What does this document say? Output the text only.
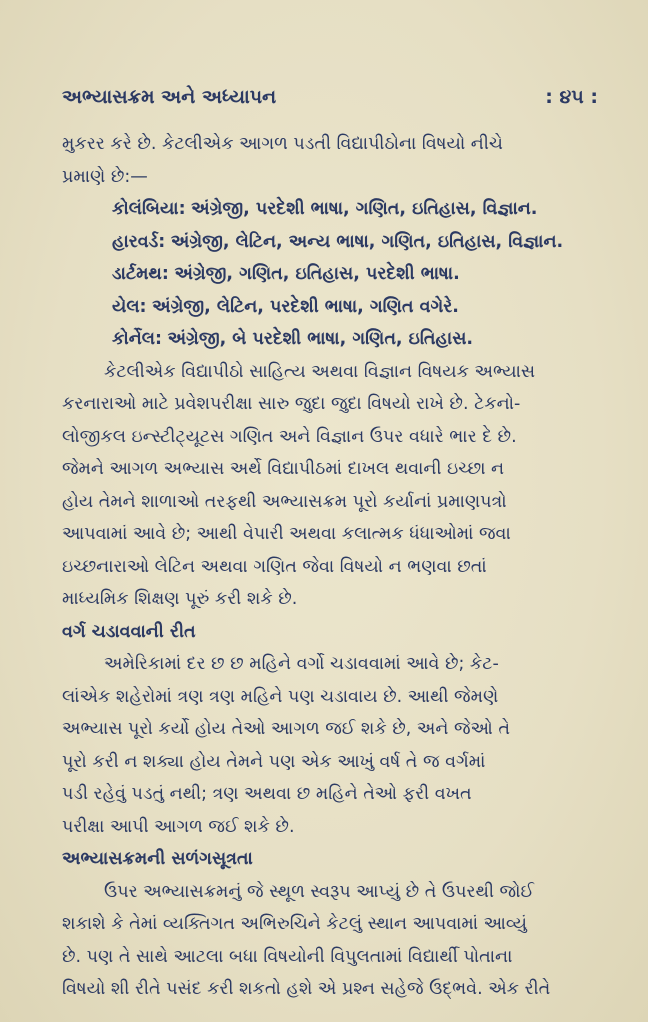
અભ્યાસક્રમ અને અધ્યાપન	: ૪૫ :
મુકરર કરે છે. કેટલીએક આગળ પડતી વિદ્યાપીઠોના વિષયો નીચે
પ્રમાણે છે:—
કોલંબિયા: અંગ્રેજી, પરદેશી ભાષા, ગણિત, ઇતિહાસ, વિજ્ઞાન.
હારવર્ડ: અંગ્રેજી, લેટિન, અન્ય ભાષા, ગણિત, ઇતિહાસ, વિજ્ઞાન.
ડાર્ટમથ: અંગ્રેજી, ગણિત, ઇતિહાસ, પરદેશી ભાષા.
યેલ: અંગ્રેજી, લેટિન, પરદેશી ભાષા, ગણિત વગેરે.
કોર્નેલ: અંગ્રેજી, બે પરદેશી ભાષા, ગણિત, ઇતિહાસ.
કેટલીએક વિદ્યાપીઠો સાહિત્ય અથવા વિજ્ઞાન વિષયક અભ્યાસ
કરનારાઓ માટે પ્રવેશપરીક્ષા સારુ જુદા જુદા વિષયો રાખે છે. ટેકનો-
લોજીકલ ઇન્સ્ટીટ્યૂટસ ગણિત અને વિજ્ઞાન ઉપર વધારે ભાર દે છે.
જેમને આગળ અભ્યાસ અર્થે વિદ્યાપીઠમાં દાખલ થવાની ઇચ્છા ન
હોય તેમને શાળાઓ તરફથી અભ્યાસક્રમ પૂરો કર્યાનાં પ્રમાણપત્રો
આપવામાં આવે છે; આથી વેપારી અથવા કલાત્મક ધંધાઓમાં જવા
ઇચ્છનારાઓ લેટિન અથવા ગણિત જેવા વિષયો ન ભણવા છતાં
માધ્યમિક શિક્ષણ પૂરું કરી શકે છે.
વર્ગ ચડાવવાની રીત
અમેરિકામાં દર છ છ મહિને વર્ગો ચડાવવામાં આવે છે; કેટ-
લાંએક શહેરોમાં ત્રણ ત્રણ મહિને પણ ચડાવાય છે. આથી જેમણે
અભ્યાસ પૂરો કર્યો હોય તેઓ આગળ જઈ શકે છે, અને જેઓ તે
પૂરો કરી ન શક્યા હોય તેમને પણ એક આખું વર્ષ તે જ વર્ગમાં
પડી રહેવું પડતું નથી; ત્રણ અથવા છ મહિને તેઓ ફરી વખત
પરીક્ષા આપી આગળ જઈ શકે છે.
અભ્યાસક્રમની સળંગસૂત્રતા
ઉપર અભ્યાસક્રમનું જે સ્થૂળ સ્વરૂપ આપ્યું છે તે ઉપરથી જોઈ
શકાશે કે તેમાં વ્યક્તિગત અભિરુચિને કેટલું સ્થાન આપવામાં આવ્યું
છે. પણ તે સાથે આટલા બધા વિષયોની વિપુલતામાં વિદ્યાર્થી પોતાના
વિષયો શી રીતે પસંદ કરી શકતો હશે એ પ્રશ્ન સહેજે ઉદ્ભવે. એક રીતે
